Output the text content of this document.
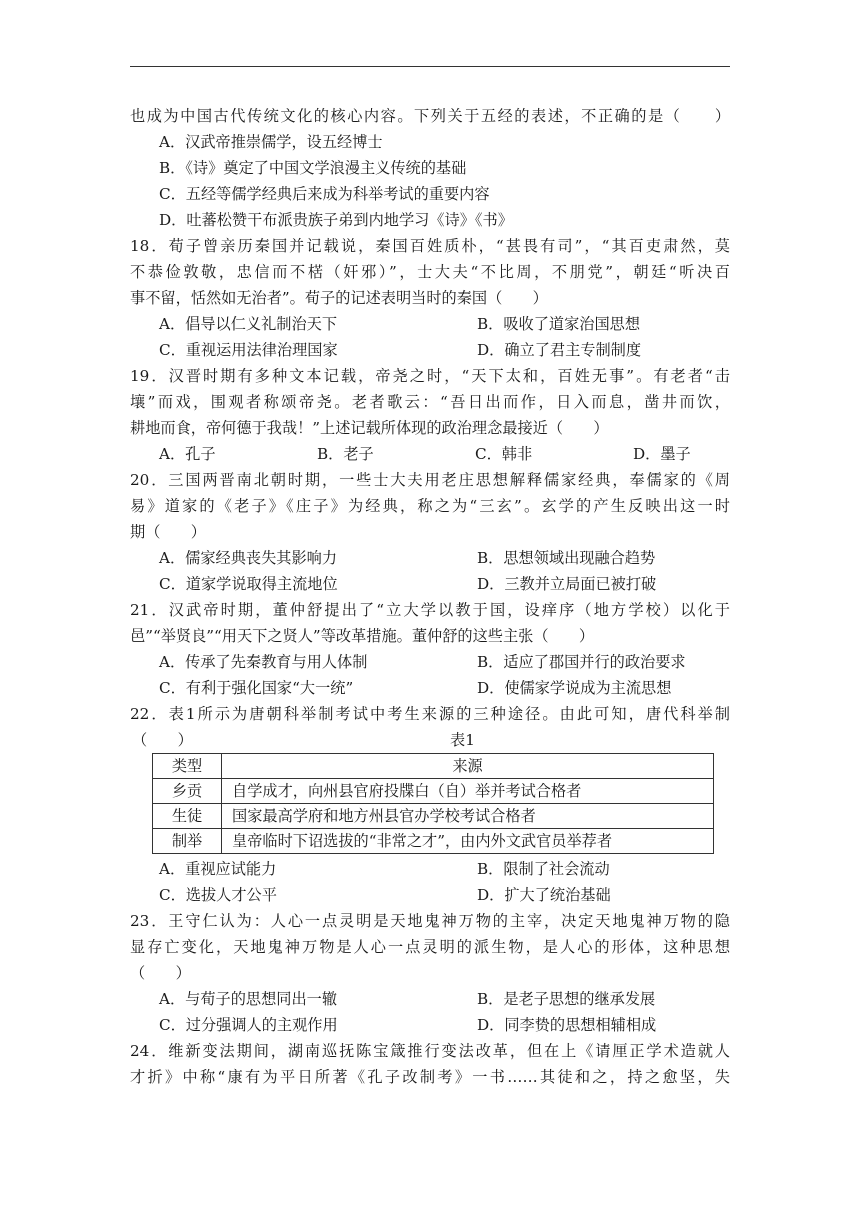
也成为中国古代传统文化的核心内容。下列关于五经的表述，不正确的是（　　）
A．汉武帝推崇儒学，设五经博士
B．《诗》奠定了中国文学浪漫主义传统的基础
C．五经等儒学经典后来成为科举考试的重要内容
D．吐蕃松赞干布派贵族子弟到内地学习《诗》《书》
18．荀子曾亲历秦国并记载说，秦国百姓质朴，“甚畏有司”，“其百吏肃然，莫
不恭俭敦敬，忠信而不楛（奸邪）”，士大夫“不比周，不朋党”，朝廷“听决百
事不留，恬然如无治者”。荀子的记述表明当时的秦国（　　）
A．倡导以仁义礼制治天下	B．吸收了道家治国思想
C．重视运用法律治理国家	D．确立了君主专制制度
19．汉晋时期有多种文本记载，帝尧之时，“天下太和，百姓无事”。有老者“击
壤”而戏，围观者称颂帝尧。老者歌云：“吾日出而作，日入而息，凿井而饮，
耕地而食，帝何德于我哉！”上述记载所体现的政治理念最接近（　　）
A．孔子	B．老子	C．韩非	D．墨子
20．三国两晋南北朝时期，一些士大夫用老庄思想解释儒家经典，奉儒家的《周
易》道家的《老子》《庄子》为经典，称之为“三玄”。玄学的产生反映出这一时
期（　　）
A．儒家经典丧失其影响力	B．思想领域出现融合趋势
C．道家学说取得主流地位	D．三教并立局面已被打破
21．汉武帝时期，董仲舒提出了“立大学以教于国，设痒序（地方学校）以化于
邑”“举贤良”“用天下之贤人”等改革措施。董仲舒的这些主张（　　）
A．传承了先秦教育与用人体制	B．适应了郡国并行的政治要求
C．有利于强化国家“大一统”	D．使儒家学说成为主流思想
22．表1所示为唐朝科举制考试中考生来源的三种途径。由此可知，唐代科举制
（　　）	表1
类型	来源
乡贡	自学成才，向州县官府投牒白（自）举并考试合格者
生徒	国家最高学府和地方州县官办学校考试合格者
制举	皇帝临时下诏选拔的“非常之才”，由内外文武官员举荐者
A．重视应试能力	B．限制了社会流动
C．选拔人才公平	D．扩大了统治基础
23．王守仁认为：人心一点灵明是天地鬼神万物的主宰，决定天地鬼神万物的隐
显存亡变化，天地鬼神万物是人心一点灵明的派生物，是人心的形体，这种思想
（　　）
A．与荀子的思想同出一辙	B．是老子思想的继承发展
C．过分强调人的主观作用	D．同李贽的思想相辅相成
24．维新变法期间，湖南巡抚陈宝箴推行变法改革，但在上《请厘正学术造就人
才折》中称“康有为平日所著《孔子改制考》一书……其徒和之，持之愈坚，失
